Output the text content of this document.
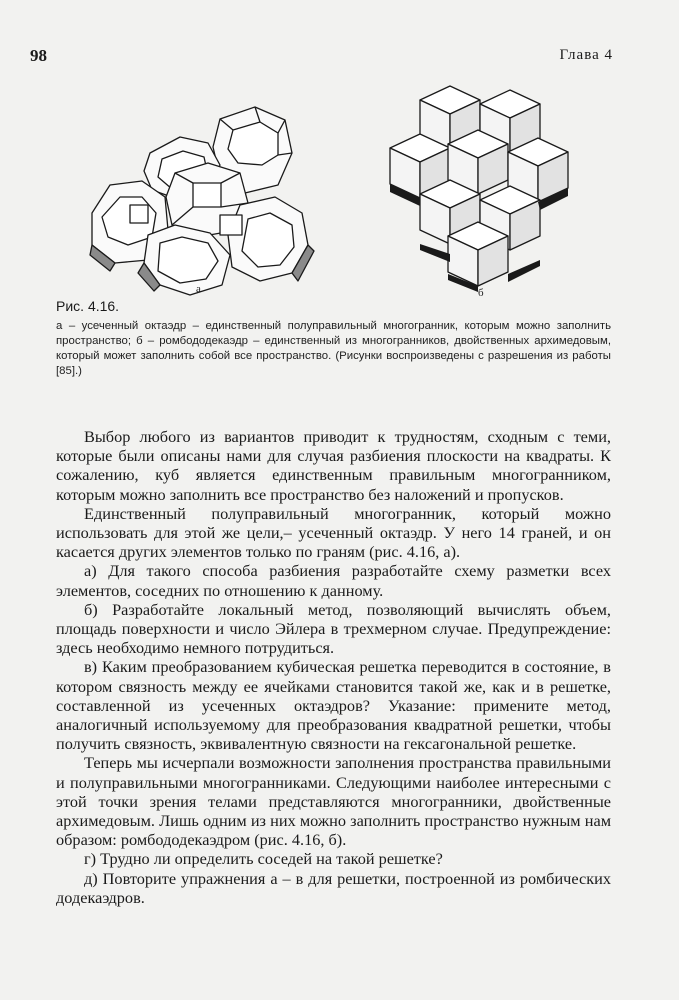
98	Глава 4
а	б
Рис. 4.16.
а – усеченный октаэдр – единственный полуправильный многогранник, которым можно заполнить пространство; б – ромбододекаэдр – единственный из многогранников, двойственных архимедовым, который может заполнить собой все пространство. (Рисунки воспроизведены с разрешения из работы [85].)

Выбор любого из вариантов приводит к трудностям, сходным с теми, которые были описаны нами для случая разбиения плоскости на квадраты. К сожалению, куб является единственным правильным многогранником, которым можно заполнить все пространство без наложений и пропусков.

Единственный полуправильный многогранник, который можно использовать для этой же цели,– усеченный октаэдр. У него 14 граней, и он касается других элементов только по граням (рис. 4.16, а).

а) Для такого способа разбиения разработайте схему разметки всех элементов, соседних по отношению к данному.

б) Разработайте локальный метод, позволяющий вычислять объем, площадь поверхности и число Эйлера в трехмерном случае. Предупреждение: здесь необходимо немного потрудиться.

в) Каким преобразованием кубическая решетка переводится в состояние, в котором связность между ее ячейками становится такой же, как и в решетке, составленной из усеченных октаэдров? Указание: примените метод, аналогичный используемому для преобразования квадратной решетки, чтобы получить связность, эквивалентную связности на гексагональной решетке.

Теперь мы исчерпали возможности заполнения пространства правильными и полуправильными многогранниками. Следующими наиболее интересными с этой точки зрения телами представляются многогранники, двойственные архимедовым. Лишь одним из них можно заполнить пространство нужным нам образом: ромбододекаэдром (рис. 4.16, б).

г) Трудно ли определить соседей на такой решетке?

д) Повторите упражнения а – в для решетки, построенной из ромбических додекаэдров.
